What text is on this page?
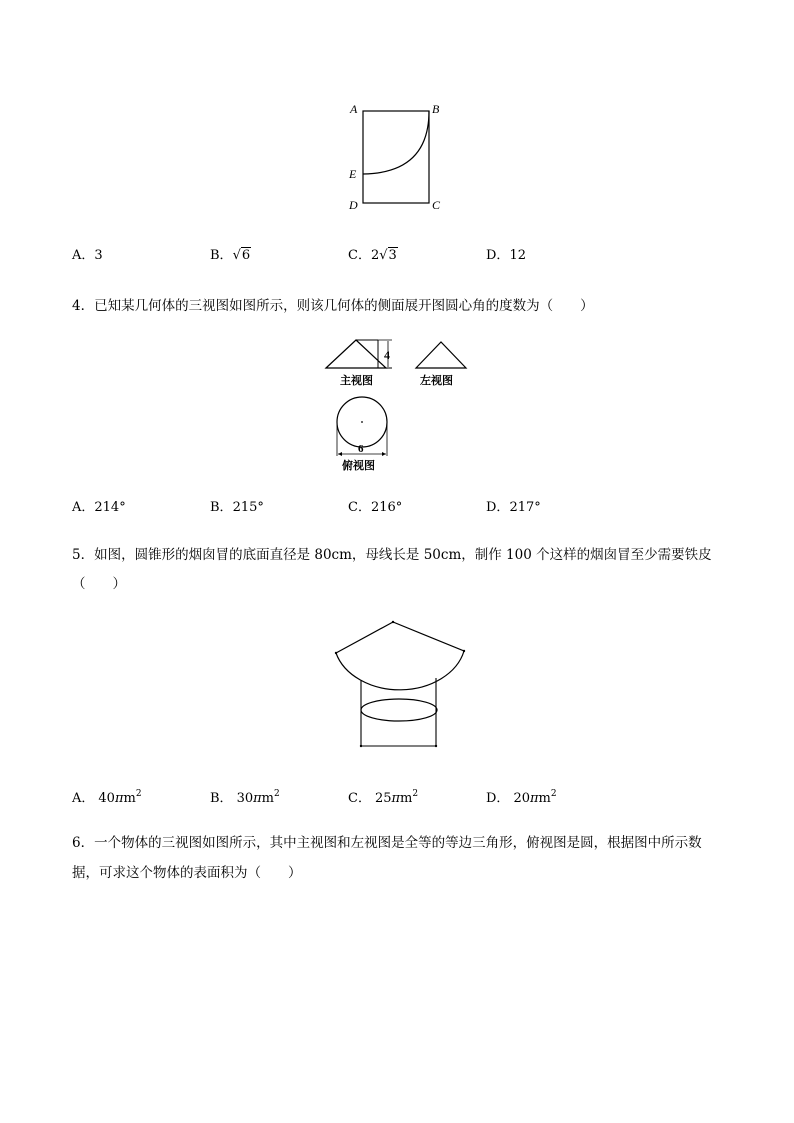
A	B
E
D	C
A．3	B．√6	C．2√3	D．12
4．已知某几何体的三视图如图所示，则该几何体的侧面展开图圆心角的度数为（　　）
4
主视图	左视图
6
俯视图
A．214°	B．215°	C．216°	D．217°
5．如图，圆锥形的烟囱冒的底面直径是 80cm，母线长是 50cm，制作 100 个这样的烟囱冒至少需要铁皮
（　　）
A． $40\pi m^2$	B． $30\pi m^2$	C． $25\pi m^2$	D． $20\pi m^2$
6．一个物体的三视图如图所示，其中主视图和左视图是全等的等边三角形，俯视图是圆，根据图中所示数
据，可求这个物体的表面积为（　　）
